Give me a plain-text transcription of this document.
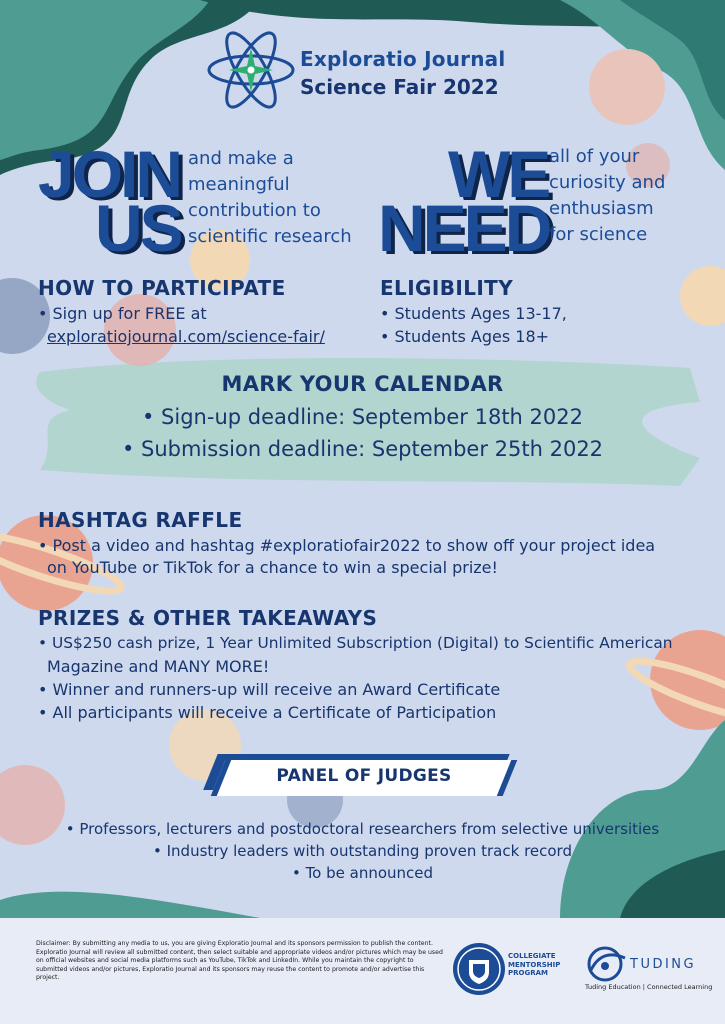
Exploratio Journal
Science Fair 2022
JOIN
US
and make a
meaningful
contribution to
scientific research
WE
NEED
all of your
curiosity and
enthusiasm
for science
HOW TO PARTICIPATE
• Sign up for FREE at
exploratiojournal.com/science-fair/
ELIGIBILITY
• Students Ages 13-17,
• Students Ages 18+
MARK YOUR CALENDAR
• Sign-up deadline: September 18th 2022
• Submission deadline: September 25th 2022
HASHTAG RAFFLE
• Post a video and hashtag #exploratiofair2022 to show off your project idea
on YouTube or TikTok for a chance to win a special prize!
PRIZES & OTHER TAKEAWAYS
• US$250 cash prize, 1 Year Unlimited Subscription (Digital) to Scientific American
Magazine and MANY MORE!
• Winner and runners-up will receive an Award Certificate
• All participants will receive a Certificate of Participation
PANEL OF JUDGES
• Professors, lecturers and postdoctoral researchers from selective universities
• Industry leaders with outstanding proven track record
• To be announced
Disclaimer: By submitting any media to us, you are giving Exploratio Journal and its sponsors permission to publish the content. Exploratio Journal will review all submitted content, then select suitable and appropriate videos and/or pictures which may be used on official websites and social media platforms such as YouTube, TikTok and LinkedIn. While you maintain the copyright to submitted videos and/or pictures, Exploratio Journal and its sponsors may reuse the content to promote and/or advertise this project.
COLLEGIATE
MENTORSHIP
PROGRAM
TUDING
Tuding Education | Connected Learning
